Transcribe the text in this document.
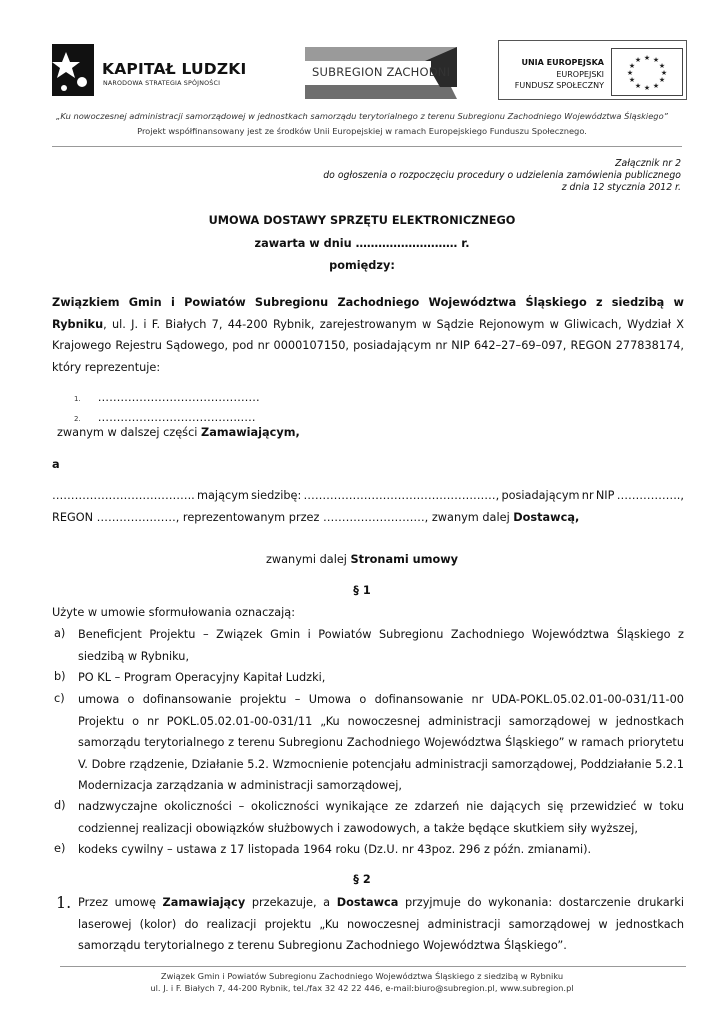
KAPITAŁ LUDZKI
NARODOWA STRATEGIA SPÓJNOŚCI
SUBREGION ZACHODNI
UNIA EUROPEJSKA
EUROPEJSKI
FUNDUSZ SPOŁECZNY
★ ★
★
★
★
★
★
★
★
★
★
★
„Ku nowoczesnej administracji samorządowej w jednostkach samorządu terytorialnego z terenu Subregionu Zachodniego Województwa Śląskiego”
Projekt współfinansowany jest ze środków Unii Europejskiej w ramach Europejskiego Funduszu Społecznego.
Załącznik nr 2
do ogłoszenia o rozpoczęciu procedury o udzielenia zamówienia publicznego
z dnia 12 stycznia 2012 r.
UMOWA DOSTAWY SPRZĘTU ELEKTRONICZNEGO
zawarta w dniu ……………………… r.
pomiędzy:
Związkiem Gmin i Powiatów Subregionu Zachodniego Województwa Śląskiego z siedzibą w Rybniku, ul. J. i F. Białych 7, 44-200 Rybnik, zarejestrowanym w Sądzie Rejonowym w Gliwicach, Wydział X Krajowego Rejestru Sądowego, pod nr 0000107150, posiadającym nr NIP 642–27–69–097, REGON 277838174, który reprezentuje:
1. …………………………………….
2. ………………………………..….
zwanym w dalszej części Zamawiającym,
a
……………………………….. mającym siedzibę: ……………………………………………, posiadającym nr NIP ……………..,
REGON …………………, reprezentowanym przez ………………………, zwanym dalej Dostawcą,
zwanymi dalej Stronami umowy
§ 1
Użyte w umowie sformułowania oznaczają:
a) Beneficjent Projektu – Związek Gmin i Powiatów Subregionu Zachodniego Województwa Śląskiego z siedzibą w Rybniku,
b) PO KL – Program Operacyjny Kapitał Ludzki,
c) umowa o dofinansowanie projektu – Umowa o dofinansowanie nr UDA-POKL.05.02.01-00-031/11-00 Projektu o nr POKL.05.02.01-00-031/11 „Ku nowoczesnej administracji samorządowej w jednostkach samorządu terytorialnego z terenu Subregionu Zachodniego Województwa Śląskiego” w ramach priorytetu V. Dobre rządzenie, Działanie 5.2. Wzmocnienie potencjału administracji samorządowej, Poddziałanie 5.2.1 Modernizacja zarządzania w administracji samorządowej,
d) nadzwyczajne okoliczności – okoliczności wynikające ze zdarzeń nie dających się przewidzieć w toku codziennej realizacji obowiązków służbowych i zawodowych, a także będące skutkiem siły wyższej,
e) kodeks cywilny – ustawa z 17 listopada 1964 roku (Dz.U. nr 43poz. 296 z późn. zmianami).
§ 2
1. Przez umowę Zamawiający przekazuje, a Dostawca przyjmuje do wykonania: dostarczenie drukarki laserowej (kolor) do realizacji projektu „Ku nowoczesnej administracji samorządowej w jednostkach samorządu terytorialnego z terenu Subregionu Zachodniego Województwa Śląskiego”.
Związek Gmin i Powiatów Subregionu Zachodniego Województwa Śląskiego z siedzibą w Rybniku
ul. J. i F. Białych 7, 44-200 Rybnik, tel./fax 32 42 22 446, e-mail:biuro@subregion.pl, www.subregion.pl
